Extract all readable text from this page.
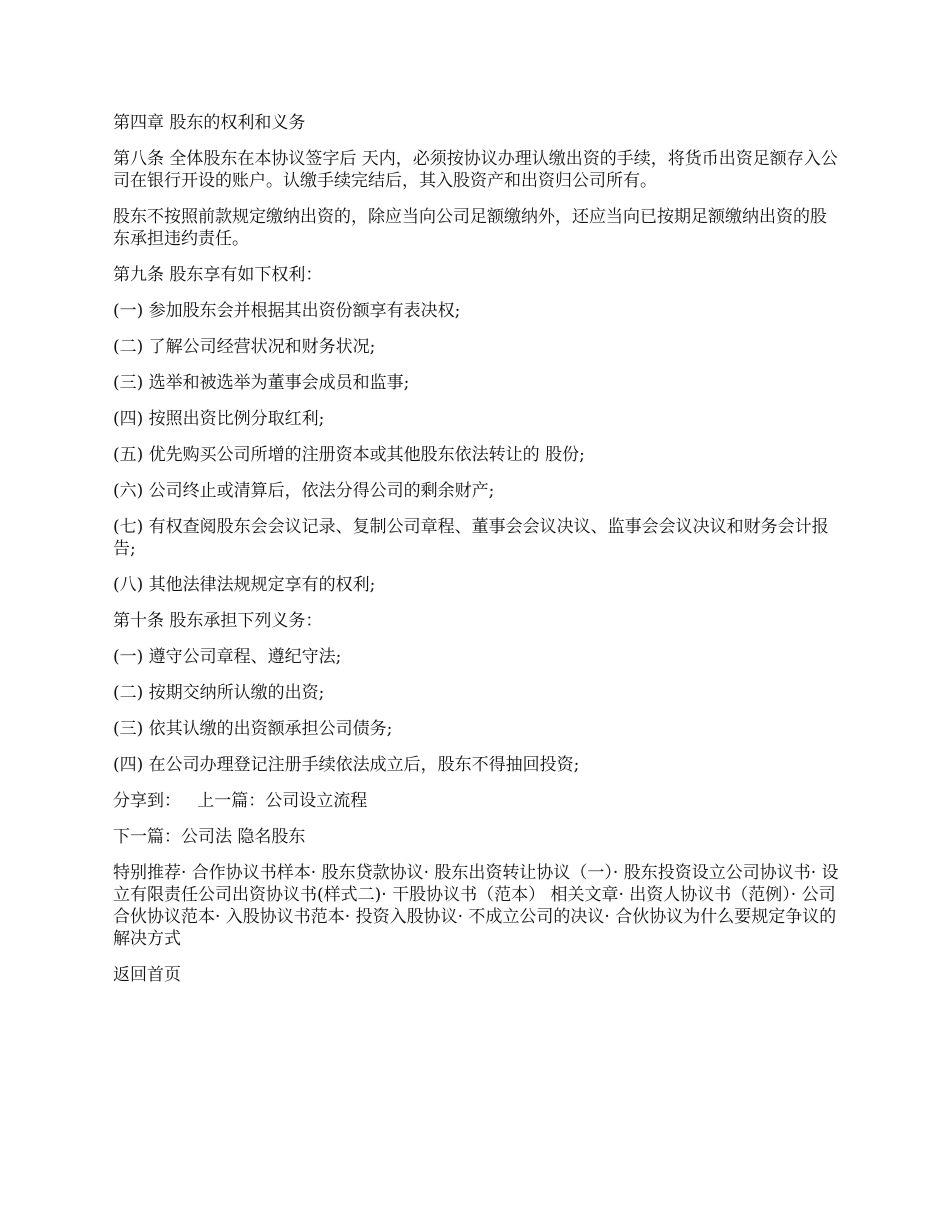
第四章 股东的权利和义务

第八条 全体股东在本协议签字后 天内，必须按协议办理认缴出资的手续，将货币出资足额存入公司在银行开设的账户。认缴手续完结后，其入股资产和出资归公司所有。

股东不按照前款规定缴纳出资的，除应当向公司足额缴纳外，还应当向已按期足额缴纳出资的股东承担违约责任。

第九条 股东享有如下权利：

(一) 参加股东会并根据其出资份额享有表决权;

(二) 了解公司经营状况和财务状况;

(三) 选举和被选举为董事会成员和监事;

(四) 按照出资比例分取红利;

(五) 优先购买公司所增的注册资本或其他股东依法转让的 股份;

(六) 公司终止或清算后，依法分得公司的剩余财产;

(七) 有权查阅股东会会议记录、复制公司章程、董事会会议决议、监事会会议决议和财务会计报告;

(八) 其他法律法规规定享有的权利;

第十条 股东承担下列义务：

(一) 遵守公司章程、遵纪守法;

(二) 按期交纳所认缴的出资;

(三) 依其认缴的出资额承担公司债务;

(四) 在公司办理登记注册手续依法成立后，股东不得抽回投资;

分享到： 上一篇：公司设立流程

下一篇：公司法 隐名股东

特别推荐· 合作协议书样本· 股东贷款协议· 股东出资转让协议（一）· 股东投资设立公司协议书· 设立有限责任公司出资协议书(样式二)· 干股协议书（范本） 相关文章· 出资人协议书（范例）· 公司合伙协议范本· 入股协议书范本· 投资入股协议· 不成立公司的决议· 合伙协议为什么要规定争议的解决方式

返回首页
